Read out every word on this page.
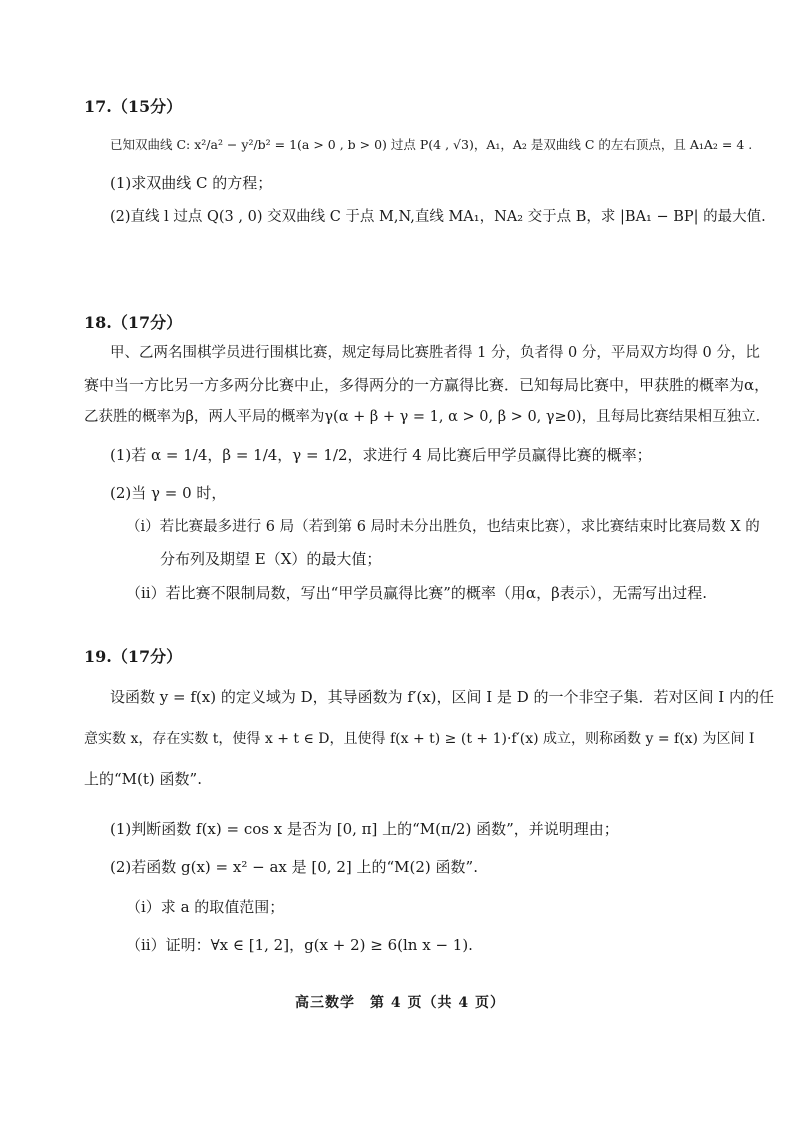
17.（15分）
已知双曲线 C: x²/a² − y²/b² = 1(a > 0 , b > 0) 过点 P(4 , √3)，A₁，A₂ 是双曲线 C 的左右顶点，且 A₁A₂ = 4 .
(1)求双曲线 C 的方程；
(2)直线 l 过点 Q(3 , 0) 交双曲线 C 于点 M,N,直线 MA₁，NA₂ 交于点 B，求 |BA₁ − BP| 的最大值.
18.（17分）
甲、乙两名围棋学员进行围棋比赛，规定每局比赛胜者得 1 分，负者得 0 分，平局双方均得 0 分，比
赛中当一方比另一方多两分比赛中止，多得两分的一方赢得比赛．已知每局比赛中，甲获胜的概率为α，
乙获胜的概率为β，两人平局的概率为γ(α + β + γ = 1, α > 0, β > 0, γ≥0)，且每局比赛结果相互独立．
(1)若 α = 1/4，β = 1/4，γ = 1/2，求进行 4 局比赛后甲学员赢得比赛的概率；
(2)当 γ = 0 时，
（i）若比赛最多进行 6 局（若到第 6 局时未分出胜负，也结束比赛），求比赛结束时比赛局数 X 的
分布列及期望 E（X）的最大值；
（ii）若比赛不限制局数，写出“甲学员赢得比赛”的概率（用α，β表示），无需写出过程.
19.（17分）
设函数 y = f(x) 的定义域为 D，其导函数为 f′(x)，区间 I 是 D 的一个非空子集．若对区间 I 内的任
意实数 x，存在实数 t，使得 x + t ∈ D，且使得 f(x + t) ≥ (t + 1)·f′(x) 成立，则称函数 y = f(x) 为区间 I
上的“M(t) 函数”.
(1)判断函数 f(x) = cos x 是否为 [0, π] 上的“M(π/2) 函数”，并说明理由；
(2)若函数 g(x) = x² − ax 是 [0, 2] 上的“M(2) 函数”.
（i）求 a 的取值范围；
（ii）证明：∀x ∈ [1, 2]，g(x + 2) ≥ 6(ln x − 1).
高三数学　第 4 页（共 4 页）
